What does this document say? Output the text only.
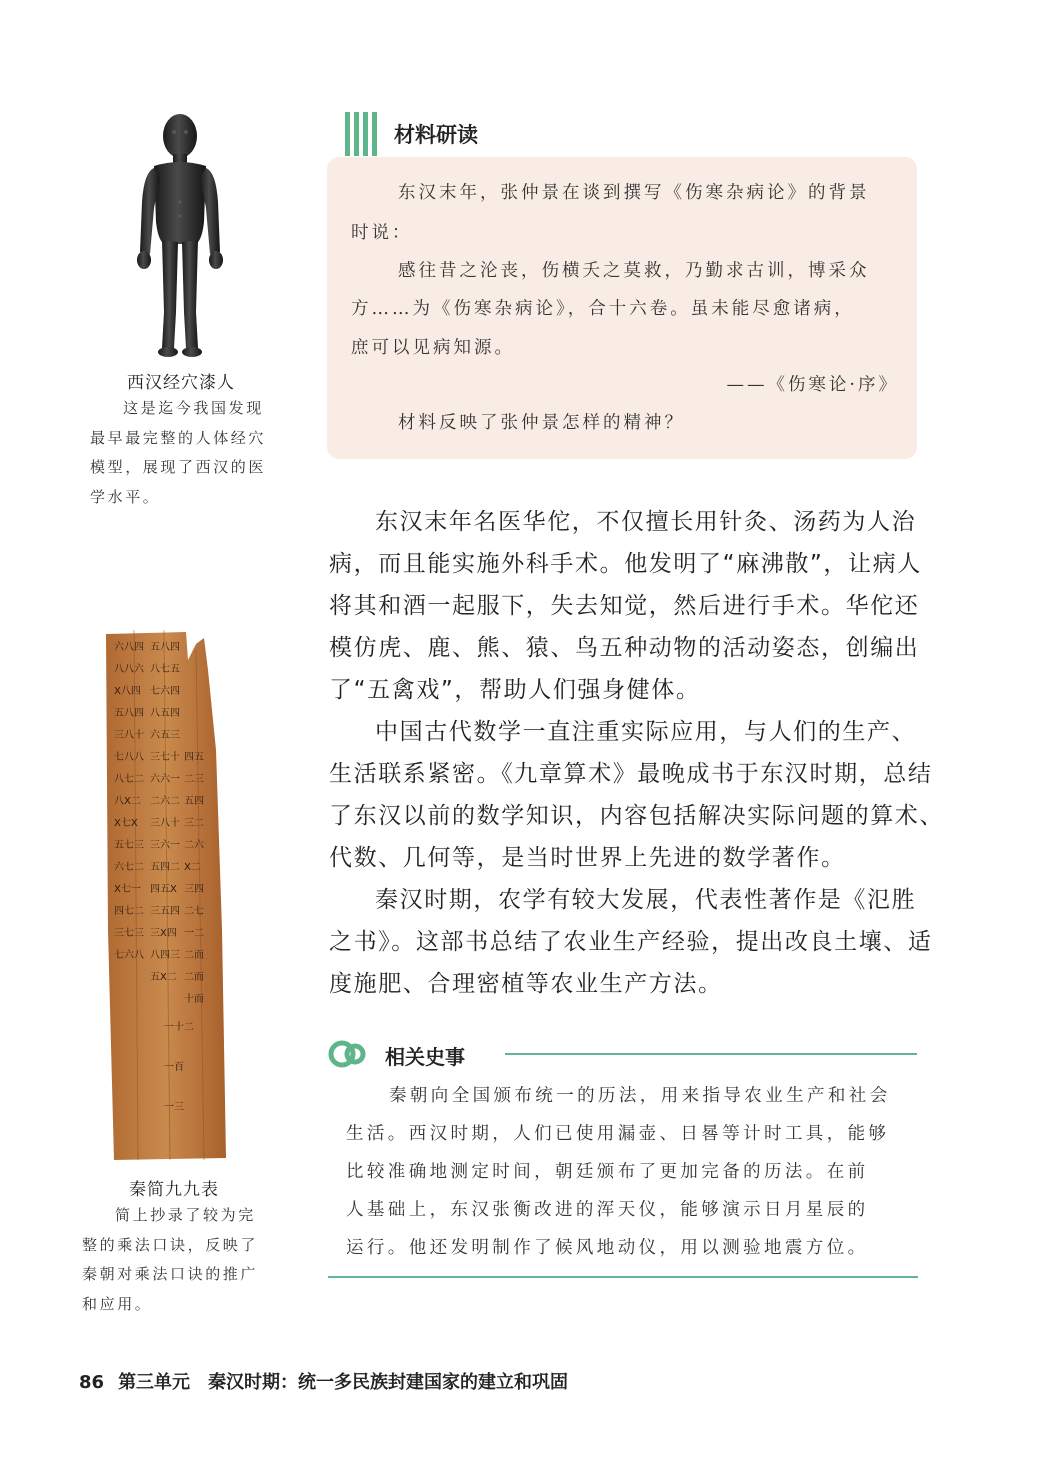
西汉经穴漆人
这是迄今我国发现
最早最完整的人体经穴
模型，展现了西汉的医
学水平。
六八四 五八四
八八六 八七五
X八四 七六四
五八四 八五四
三八十 六五三
七八八 三七十 四五
八七二 六六一 二三
八X二 二六二 五四
X七X 三八十 三二
五七三 三六一 二六
六七二 五四二 X二
X七一 四五X 三四
四七二 三五四 二七
三七三 三X四 一二
七六八 八四三 二而
五X二 二而
十而
一十二
一百
一三
秦简九九表
简上抄录了较为完
整的乘法口诀，反映了
秦朝对乘法口诀的推广
和应用。
材料研读
东汉末年，张仲景在谈到撰写《伤寒杂病论》的背景
时说：
感往昔之沦丧，伤横夭之莫救，乃勤求古训，博采众
方……为《伤寒杂病论》，合十六卷。虽未能尽愈诸病，
庶可以见病知源。
——《伤寒论·序》
材料反映了张仲景怎样的精神？
东汉末年名医华佗，不仅擅长用针灸、汤药为人治
病，而且能实施外科手术。他发明了“麻沸散”，让病人
将其和酒一起服下，失去知觉，然后进行手术。华佗还
模仿虎、鹿、熊、猿、鸟五种动物的活动姿态，创编出
了“五禽戏”，帮助人们强身健体。
中国古代数学一直注重实际应用，与人们的生产、
生活联系紧密。《九章算术》最晚成书于东汉时期，总结
了东汉以前的数学知识，内容包括解决实际问题的算术、
代数、几何等，是当时世界上先进的数学著作。
秦汉时期，农学有较大发展，代表性著作是《氾胜
之书》。这部书总结了农业生产经验，提出改良土壤、适
度施肥、合理密植等农业生产方法。
相关史事
秦朝向全国颁布统一的历法，用来指导农业生产和社会
生活。西汉时期，人们已使用漏壶、日晷等计时工具，能够
比较准确地测定时间，朝廷颁布了更加完备的历法。在前
人基础上，东汉张衡改进的浑天仪，能够演示日月星辰的
运行。他还发明制作了候风地动仪，用以测验地震方位。
86 第三单元 秦汉时期：统一多民族封建国家的建立和巩固
